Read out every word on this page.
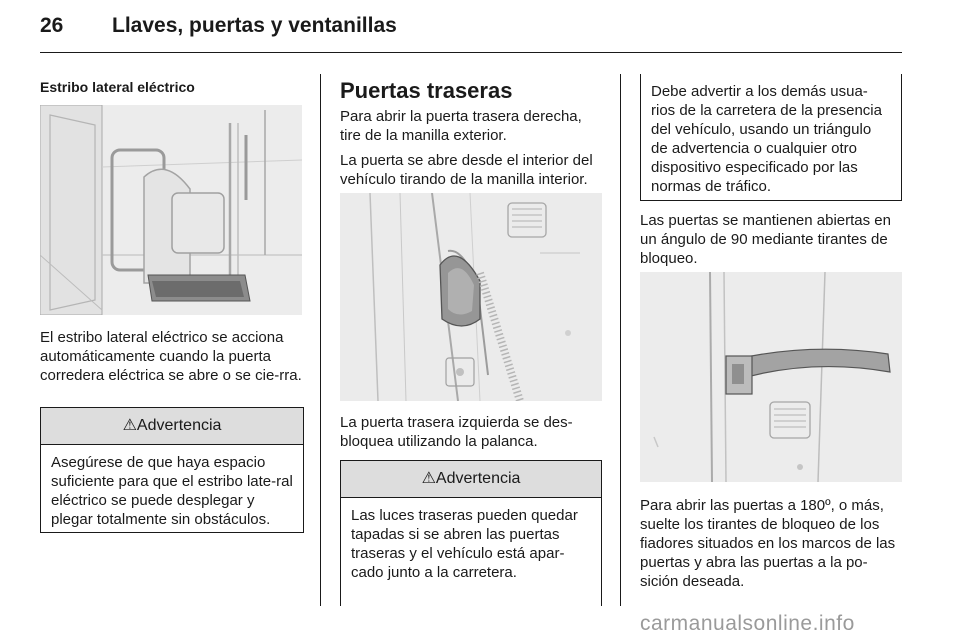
26 Llaves, puertas y ventanillas
Estribo lateral eléctrico
El estribo lateral eléctrico se acciona automáticamente cuando la puerta corredera eléctrica se abre o se cie-rra.
⚠Advertencia
Asegúrese de que haya espacio suficiente para que el estribo late-ral eléctrico se puede desplegar y plegar totalmente sin obstáculos.
Puertas traseras
Para abrir la puerta trasera derecha, tire de la manilla exterior.
La puerta se abre desde el interior del vehículo tirando de la manilla interior.
La puerta trasera izquierda se des-bloquea utilizando la palanca.
⚠Advertencia
Las luces traseras pueden quedar tapadas si se abren las puertas traseras y el vehículo está apar-cado junto a la carretera.
Debe advertir a los demás usua-rios de la carretera de la presencia del vehículo, usando un triángulo de advertencia o cualquier otro dispositivo especificado por las normas de tráfico.
Las puertas se mantienen abiertas en un ángulo de 90 mediante tirantes de bloqueo.
Para abrir las puertas a 180º, o más, suelte los tirantes de bloqueo de los fiadores situados en los marcos de las puertas y abra las puertas a la po-sición deseada.
carmanualsonline.info
